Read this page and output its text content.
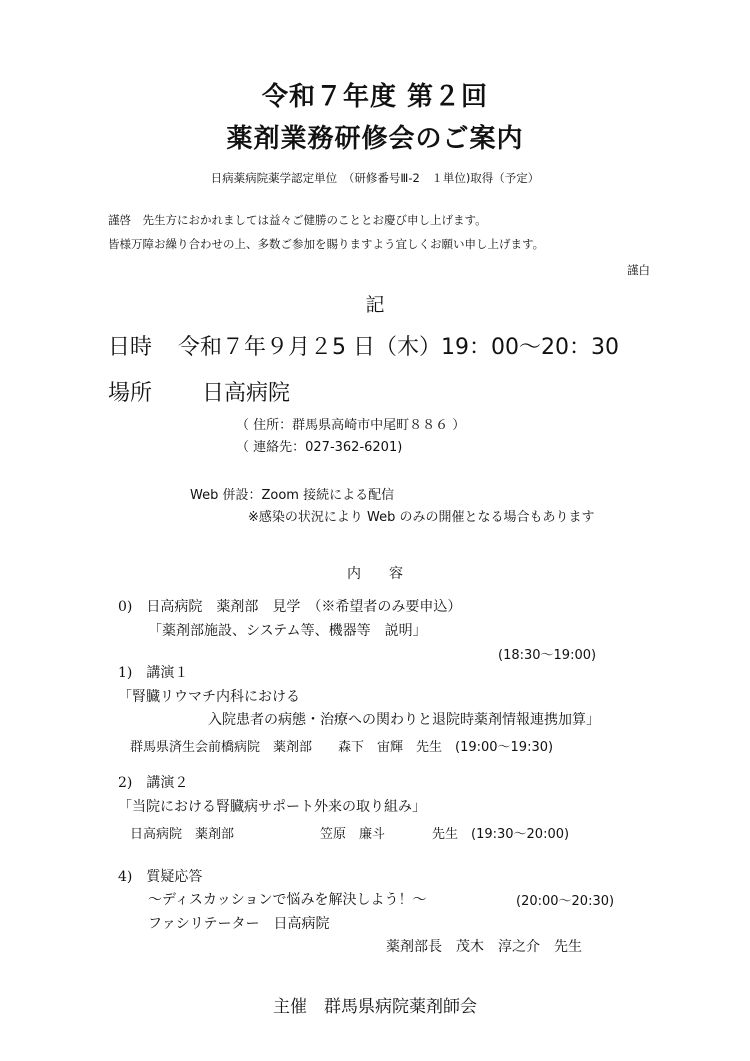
令和７年度 第２回
薬剤業務研修会のご案内
日病薬病院薬学認定単位　（研修番号Ⅲ-2　１単位)取得（予定）
謹啓　先生方におかれましては益々ご健勝のこととお慶び申し上げます。
皆様万障お繰り合わせの上、多数ご参加を賜りますよう宜しくお願い申し上げます。
謹白
記
日時 令和７年９月２5 日（木）19：00～20：30
場所 日高病院
（ 住所：群馬県高崎市中尾町８８６ ）
（ 連絡先：027-362-6201)
Web 併設：Zoom 接続による配信
※感染の状況により Web のみの開催となる場合もあります
内　　容
0)　日高病院　薬剤部　見学　（※希望者のみ要申込）
「薬剤部施設、システム等、機器等　説明」
(18:30～19:00)
1)　講演１
「腎臓リウマチ内科における
入院患者の病態・治療への関わりと退院時薬剤情報連携加算」
群馬県済生会前橋病院　薬剤部　　森下　宙輝　先生　(19:00～19:30)
2)　講演２
「当院における腎臓病サポート外来の取り組み」
日高病院　薬剤部	笠原　廉斗	先生　(19:30～20:00)
4)　質疑応答
～ディスカッションで悩みを解決しよう！～	(20:00～20:30)
ファシリテーター　日高病院
薬剤部長　茂木　淳之介　先生
主催　群馬県病院薬剤師会
